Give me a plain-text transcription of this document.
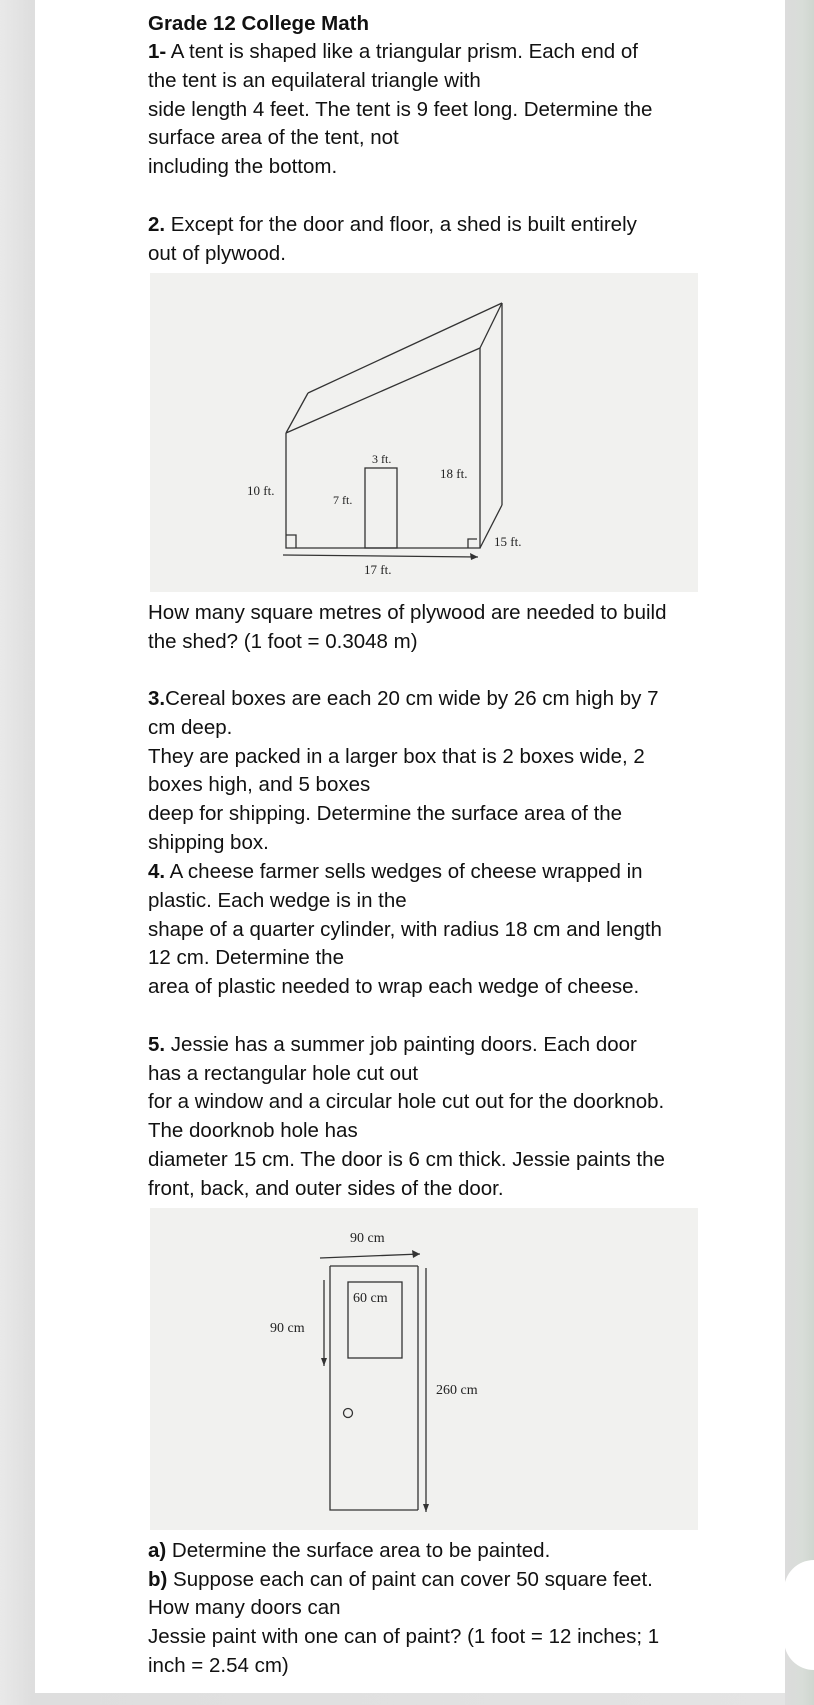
Grade 12 College Math

1- A tent is shaped like a triangular prism. Each end of

the tent is an equilateral triangle with

side length 4 feet. The tent is 9 feet long. Determine the

surface area of the tent, not

including the bottom.

2. Except for the door and floor, a shed is built entirely

out of plywood.

10 ft.
7 ft.
3 ft.
18 ft.
15 ft.
17 ft.

How many square metres of plywood are needed to build

the shed? (1 foot = 0.3048 m)

3.Cereal boxes are each 20 cm wide by 26 cm high by 7

cm deep.

They are packed in a larger box that is 2 boxes wide, 2

boxes high, and 5 boxes

deep for shipping. Determine the surface area of the

shipping box.

4. A cheese farmer sells wedges of cheese wrapped in

plastic. Each wedge is in the

shape of a quarter cylinder, with radius 18 cm and length

12 cm. Determine the

area of plastic needed to wrap each wedge of cheese.

5. Jessie has a summer job painting doors. Each door

has a rectangular hole cut out

for a window and a circular hole cut out for the doorknob.

The doorknob hole has

diameter 15 cm. The door is 6 cm thick. Jessie paints the

front, back, and outer sides of the door.

90 cm
60 cm
90 cm
260 cm

a) Determine the surface area to be painted.

b) Suppose each can of paint can cover 50 square feet.

How many doors can

Jessie paint with one can of paint? (1 foot = 12 inches; 1

inch = 2.54 cm)
